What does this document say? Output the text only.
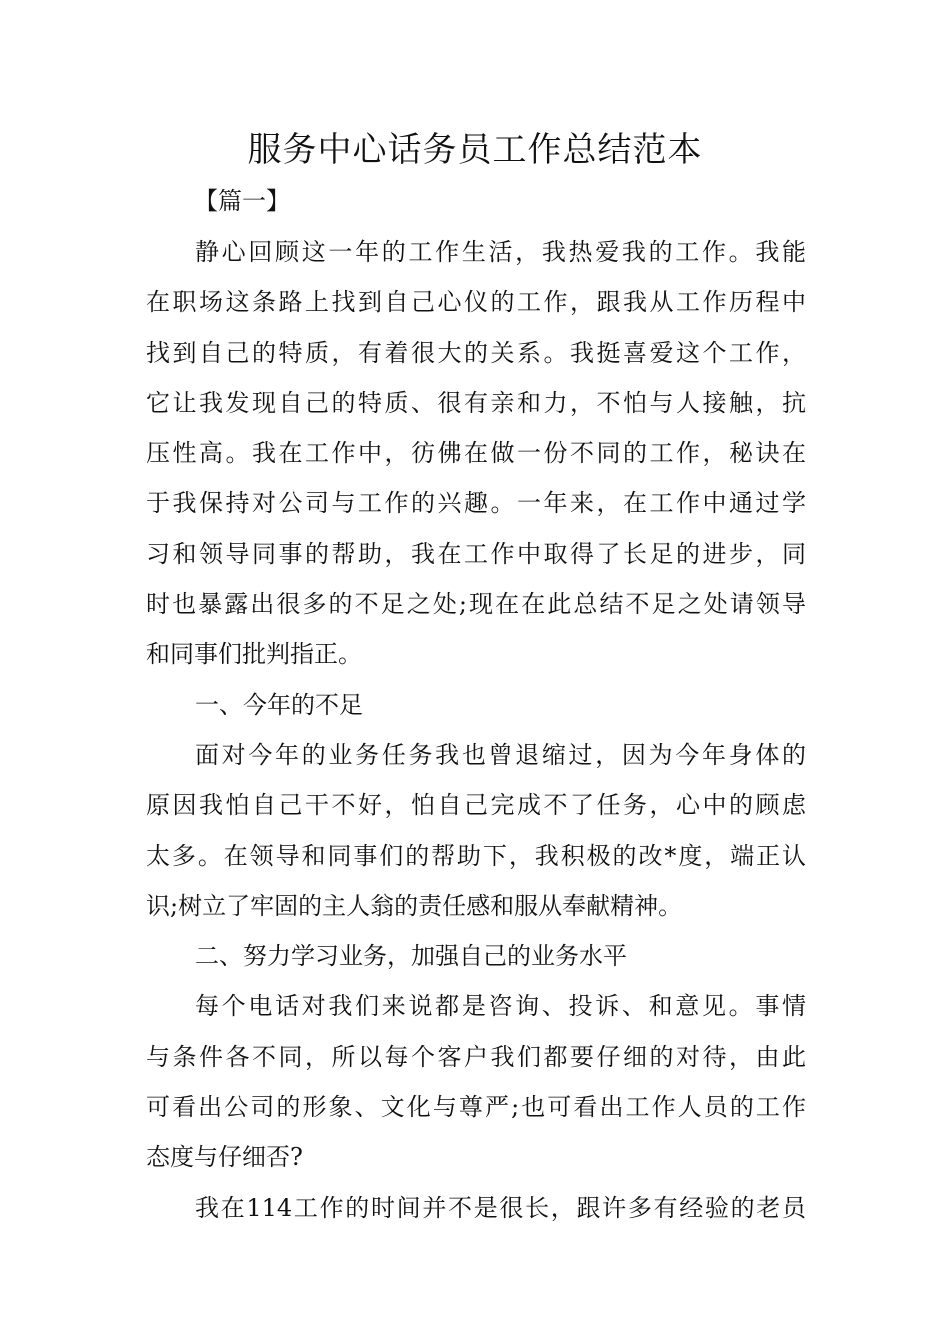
服务中心话务员工作总结范本
【篇一】
静心回顾这一年的工作生活，我热爱我的工作。我能
在职场这条路上找到自己心仪的工作，跟我从工作历程中
找到自己的特质，有着很大的关系。我挺喜爱这个工作，
它让我发现自己的特质、很有亲和力，不怕与人接触，抗
压性高。我在工作中，彷佛在做一份不同的工作，秘诀在
于我保持对公司与工作的兴趣。一年来，在工作中通过学
习和领导同事的帮助，我在工作中取得了长足的进步，同
时也暴露出很多的不足之处;现在在此总结不足之处请领导
和同事们批判指正。
一、今年的不足
面对今年的业务任务我也曾退缩过，因为今年身体的
原因我怕自己干不好，怕自己完成不了任务，心中的顾虑
太多。在领导和同事们的帮助下，我积极的改*度，端正认
识;树立了牢固的主人翁的责任感和服从奉献精神。
二、努力学习业务，加强自己的业务水平
每个电话对我们来说都是咨询、投诉、和意见。事情
与条件各不同，所以每个客户我们都要仔细的对待，由此
可看出公司的形象、文化与尊严;也可看出工作人员的工作
态度与仔细否?
我在114工作的时间并不是很长，跟许多有经验的老员
